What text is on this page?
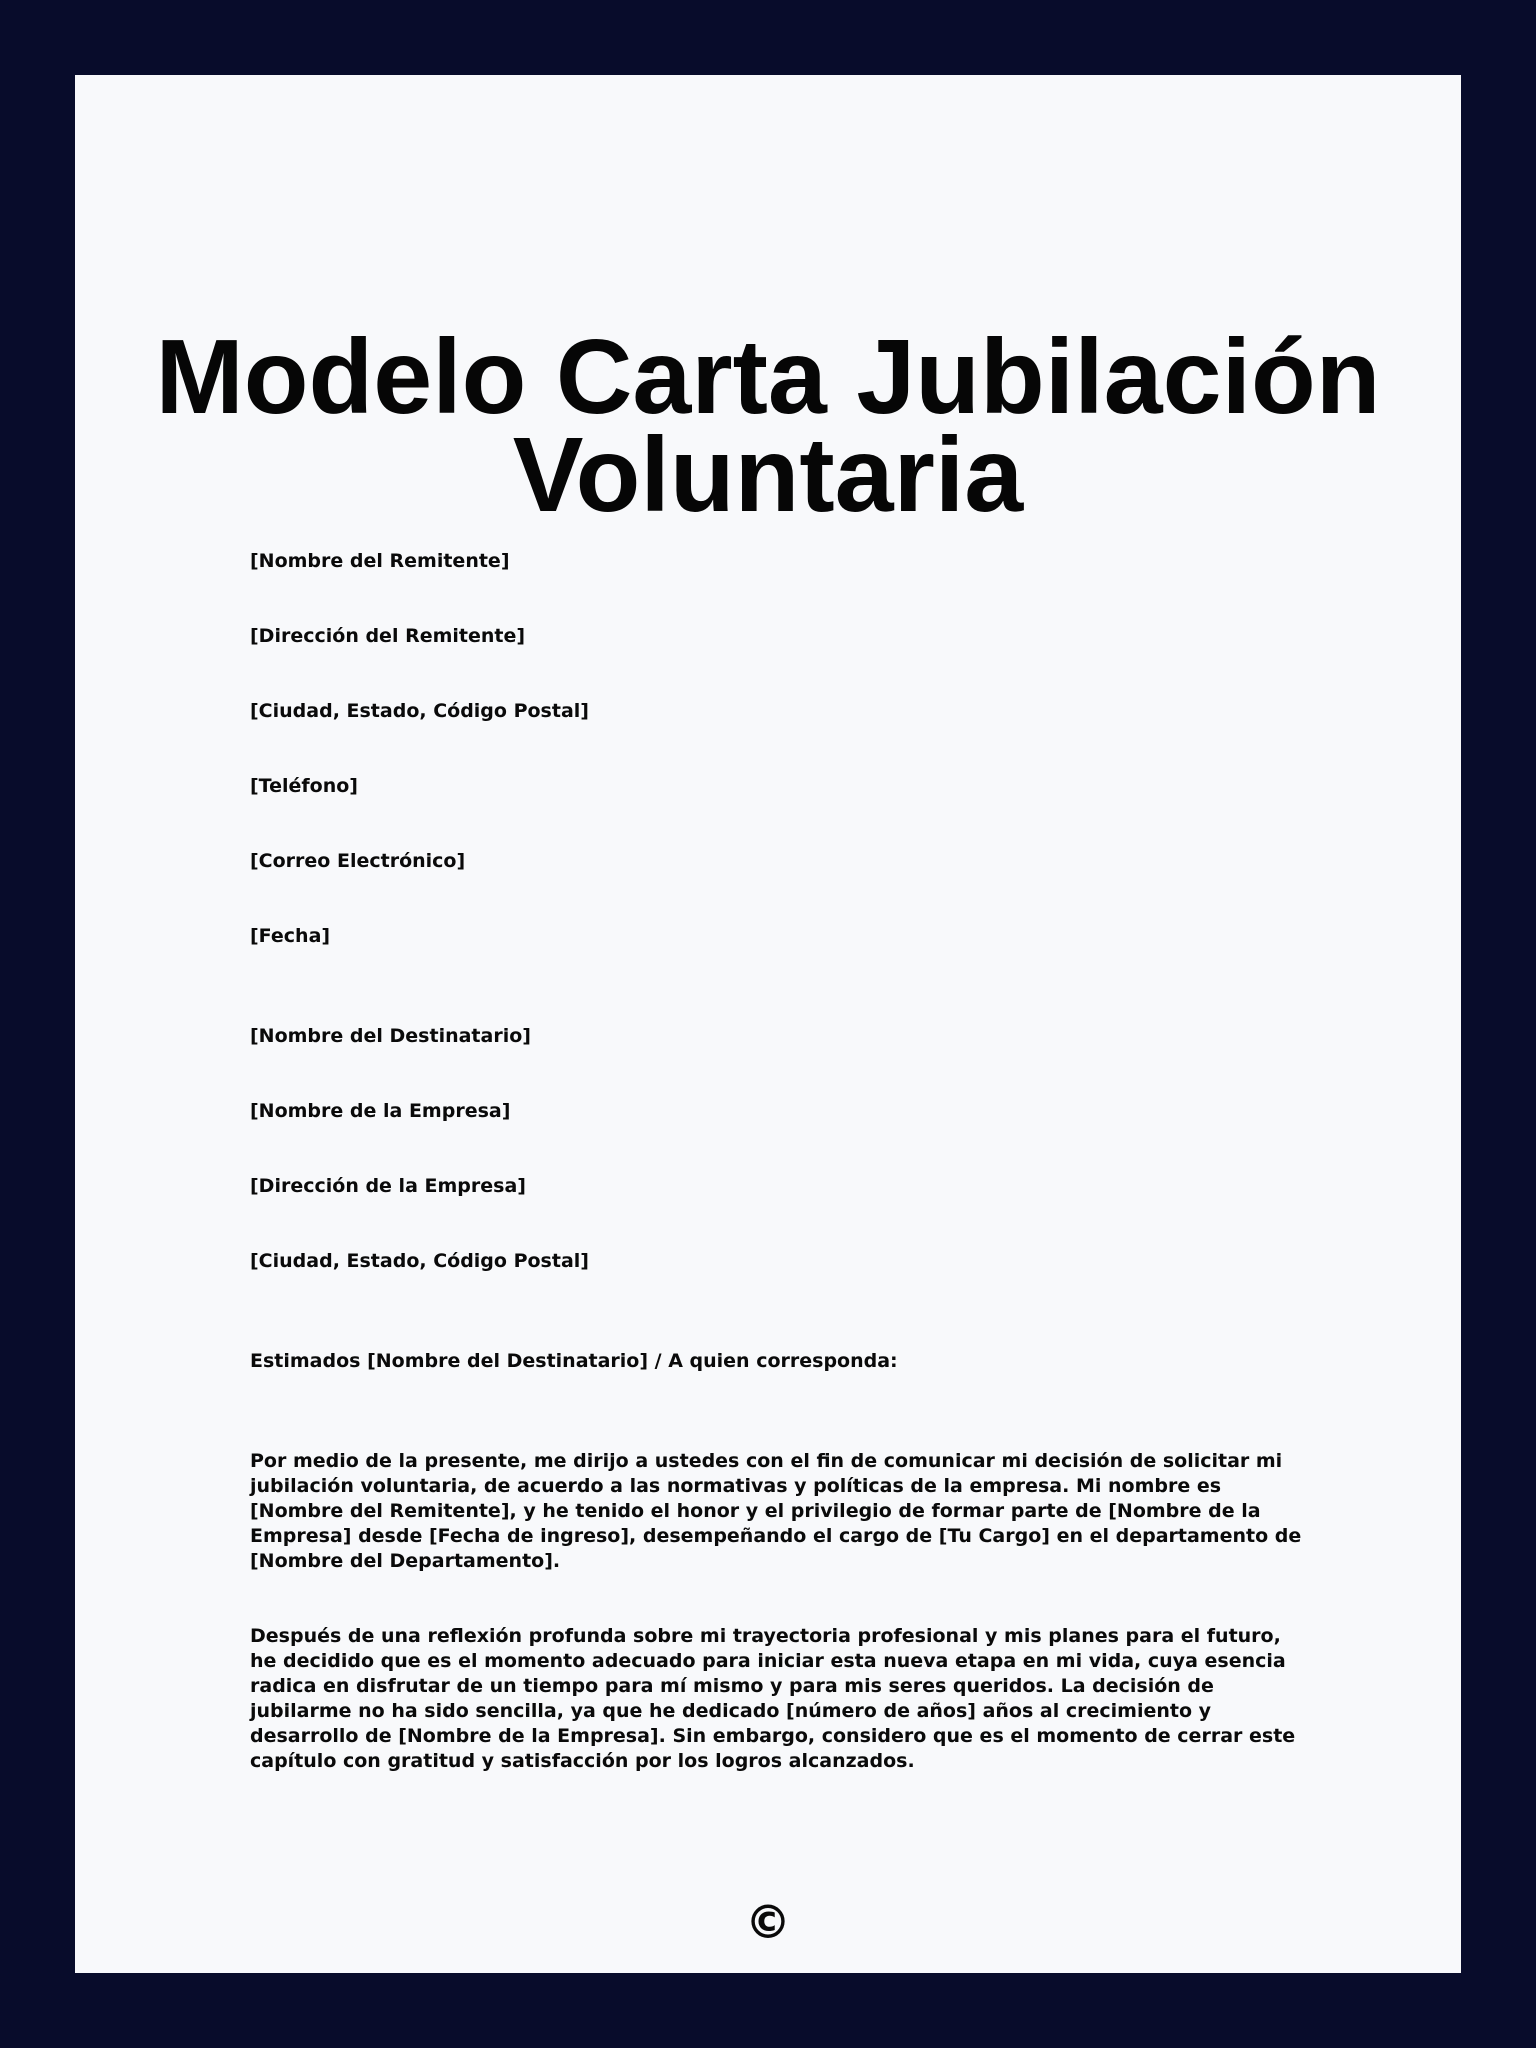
Modelo Carta Jubilación
Voluntaria
[Nombre del Remitente]
[Dirección del Remitente]
[Ciudad, Estado, Código Postal]
[Teléfono]
[Correo Electrónico]
[Fecha]
[Nombre del Destinatario]
[Nombre de la Empresa]
[Dirección de la Empresa]
[Ciudad, Estado, Código Postal]
Estimados [Nombre del Destinatario] / A quien corresponda:

Por medio de la presente, me dirijo a ustedes con el fin de comunicar mi decisión de solicitar mi jubilación voluntaria, de acuerdo a las normativas y políticas de la empresa. Mi nombre es [Nombre del Remitente], y he tenido el honor y el privilegio de formar parte de [Nombre de la Empresa] desde [Fecha de ingreso], desempeñando el cargo de [Tu Cargo] en el departamento de [Nombre del Departamento].

Después de una reflexión profunda sobre mi trayectoria profesional y mis planes para el futuro, he decidido que es el momento adecuado para iniciar esta nueva etapa en mi vida, cuya esencia radica en disfrutar de un tiempo para mí mismo y para mis seres queridos. La decisión de jubilarme no ha sido sencilla, ya que he dedicado [número de años] años al crecimiento y desarrollo de [Nombre de la Empresa]. Sin embargo, considero que es el momento de cerrar este capítulo con gratitud y satisfacción por los logros alcanzados.

©
